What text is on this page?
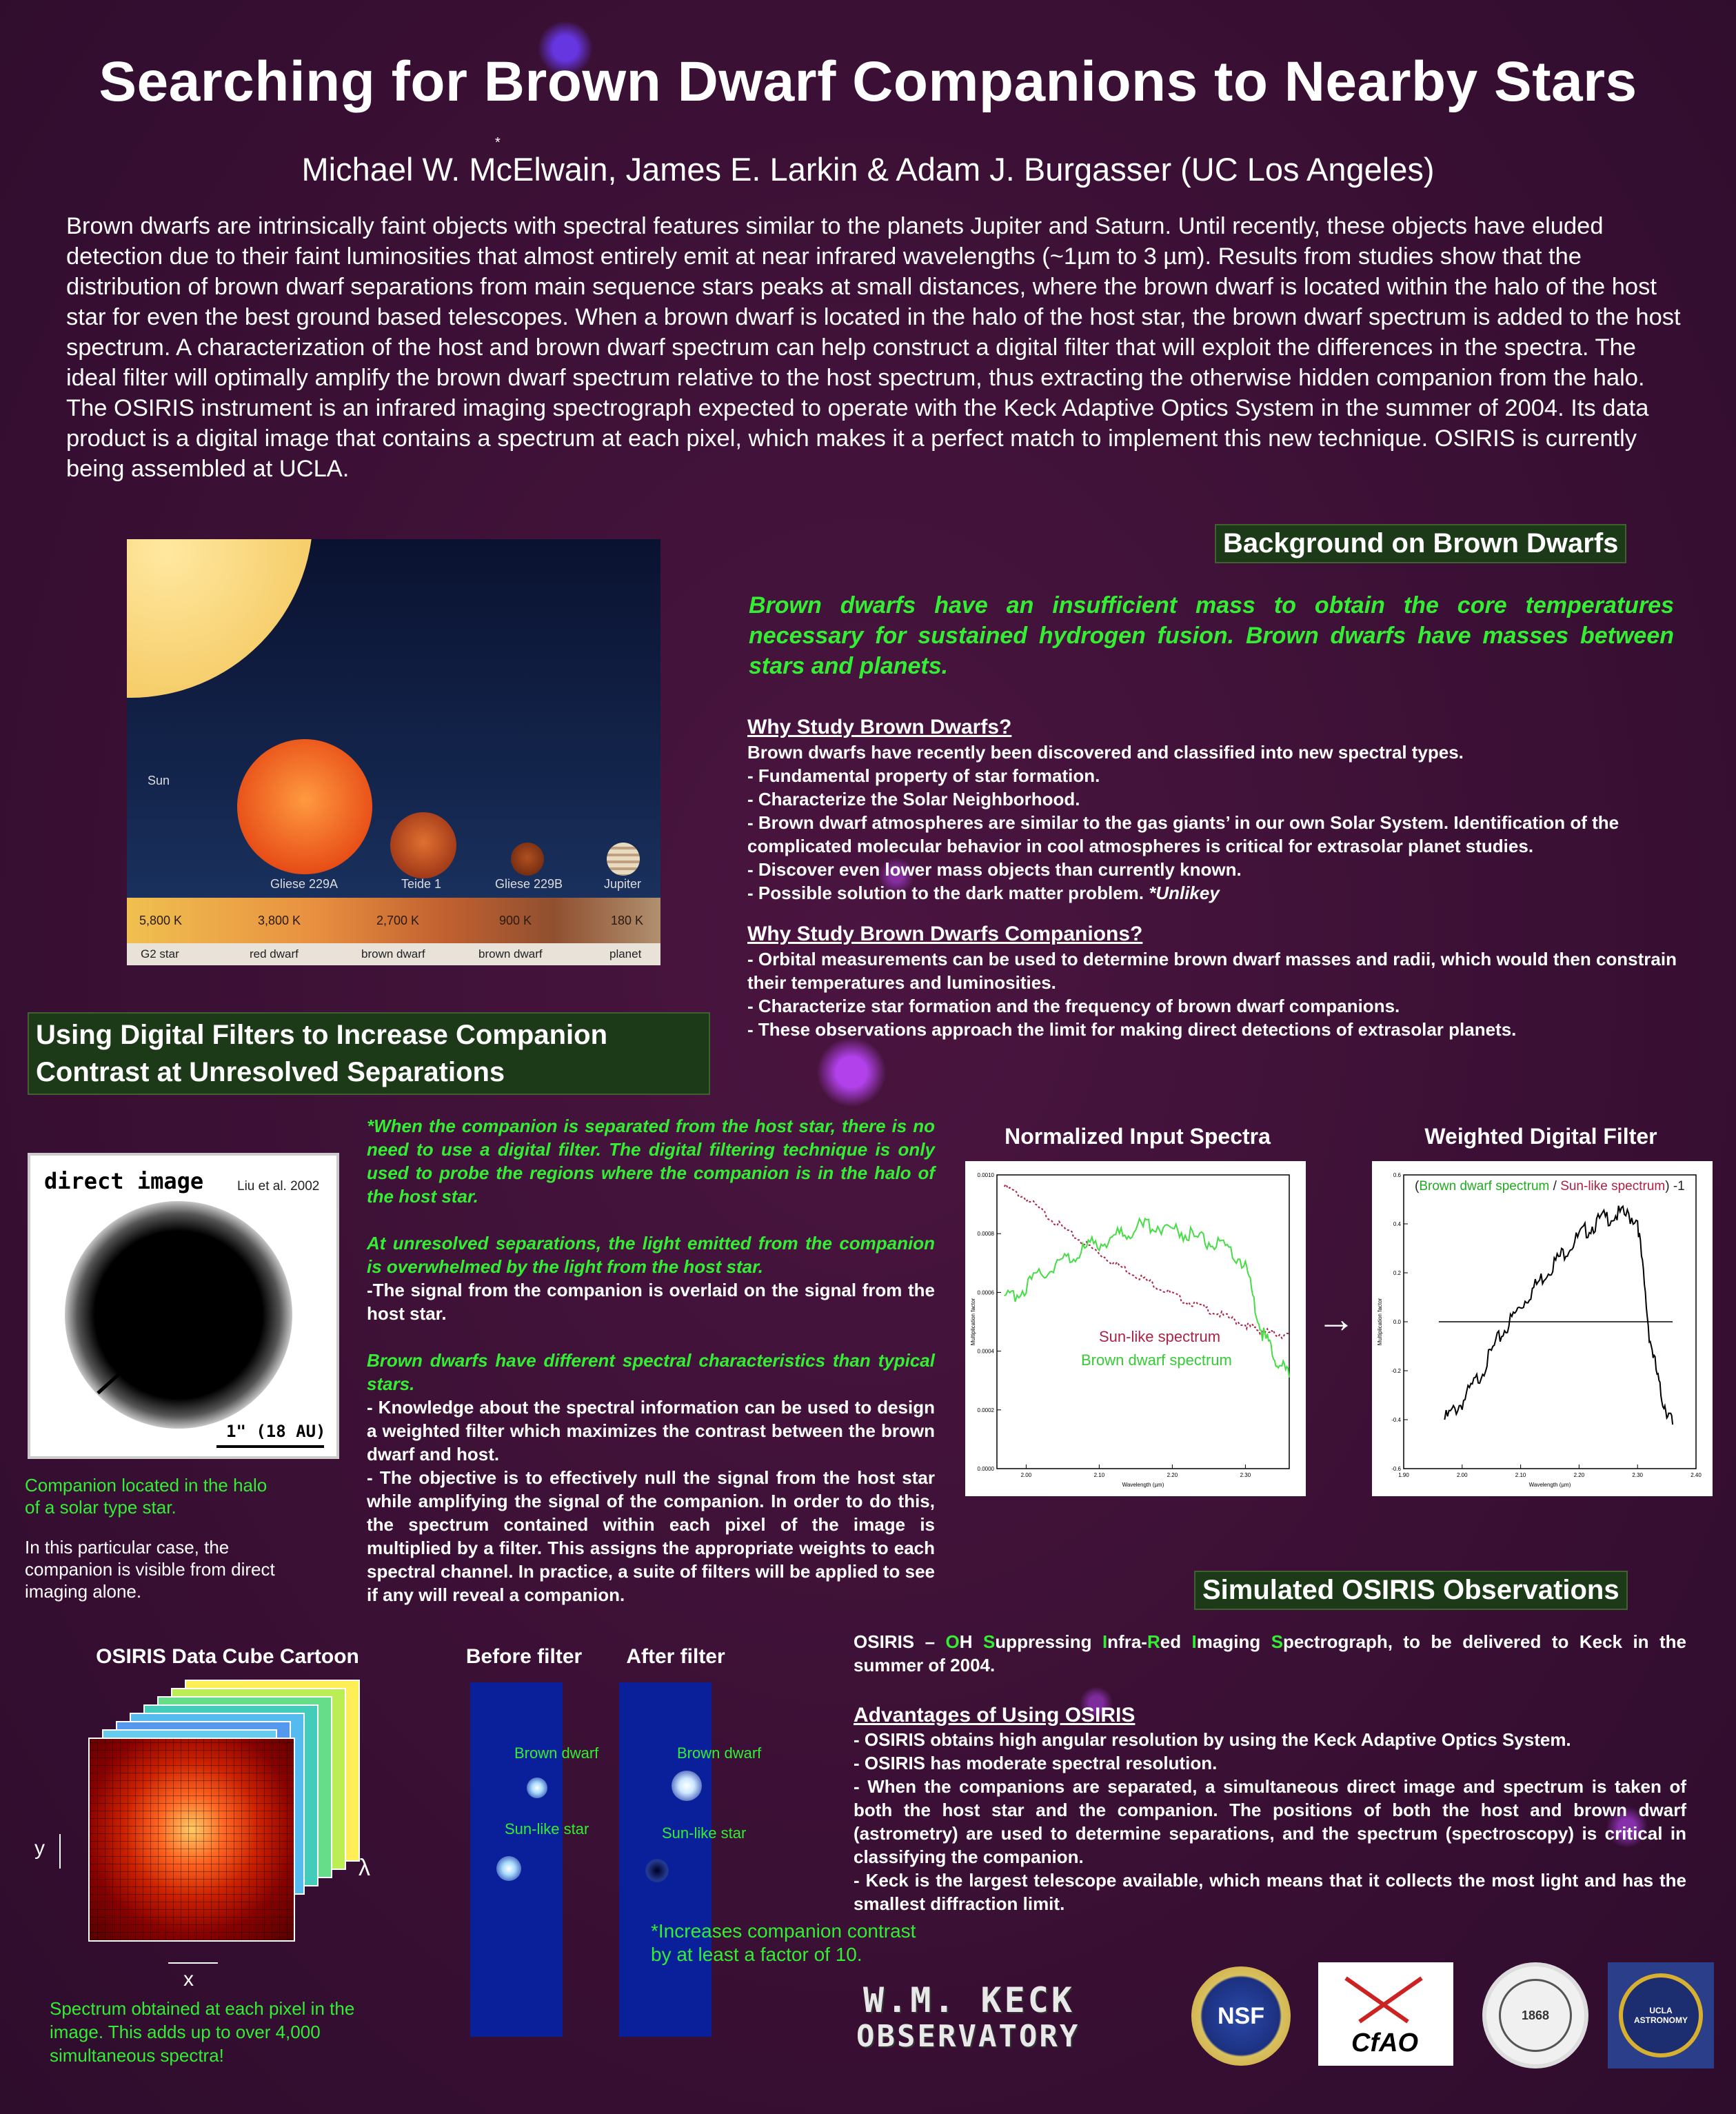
Searching for Brown Dwarf Companions to Nearby Stars
*
Michael W. McElwain, James E. Larkin & Adam J. Burgasser (UC Los Angeles)

Brown dwarfs are intrinsically faint objects with spectral features similar to the planets Jupiter and Saturn. Until recently, these objects have eluded detection due to their faint luminosities that almost entirely emit at near infrared wavelengths (~1µm to 3 µm). Results from studies show that the distribution of brown dwarf separations from main sequence stars peaks at small distances, where the brown dwarf is located within the halo of the host star for even the best ground based telescopes. When a brown dwarf is located in the halo of the host star, the brown dwarf spectrum is added to the host spectrum. A characterization of the host and brown dwarf spectrum can help construct a digital filter that will exploit the differences in the spectra. The ideal filter will optimally amplify the brown dwarf spectrum relative to the host spectrum, thus extracting the otherwise hidden companion from the halo.

The OSIRIS instrument is an infrared imaging spectrograph expected to operate with the Keck Adaptive Optics System in the summer of 2004. Its data product is a digital image that contains a spectrum at each pixel, which makes it a perfect match to implement this new technique. OSIRIS is currently being assembled at UCLA.

Sun
Gliese 229A	Teide 1	Gliese 229B	Jupiter
5,800 K	3,800 K	2,700 K	900 K	180 K
G2 star	red dwarf	brown dwarf	brown dwarf	planet
Background on Brown Dwarfs
Brown dwarfs have an insufficient mass to obtain the core temperatures necessary for sustained hydrogen fusion. Brown dwarfs have masses between stars and planets.
Why Study Brown Dwarfs?
Brown dwarfs have recently been discovered and classified into new spectral types.
- Fundamental property of star formation.
- Characterize the Solar Neighborhood.
- Brown dwarf atmospheres are similar to the gas giants’ in our own Solar System. Identification of the complicated molecular behavior in cool atmospheres is critical for extrasolar planet studies.
- Discover even lower mass objects than currently known.
- Possible solution to the dark matter problem. *Unlikey
Why Study Brown Dwarfs Companions?
- Orbital measurements can be used to determine brown dwarf masses and radii, which would then constrain their temperatures and luminosities.
- Characterize star formation and the frequency of brown dwarf companions.
- These observations approach the limit for making direct detections of extrasolar planets.
Using Digital Filters to Increase Companion Contrast at Unresolved Separations
direct image	Liu et al. 2002
1" (18 AU)
Companion located in the halo of a solar type star.
In this particular case, the companion is visible from direct imaging alone.
*When the companion is separated from the host star, there is no need to use a digital filter. The digital filtering technique is only used to probe the regions where the companion is in the halo of the host star.
At unresolved separations, the light emitted from the companion is overwhelmed by the light from the host star.
-The signal from the companion is overlaid on the signal from the host star.
Brown dwarfs have different spectral characteristics than typical stars.
- Knowledge about the spectral information can be used to design a weighted filter which maximizes the contrast between the brown dwarf and host.
- The objective is to effectively null the signal from the host star while amplifying the signal of the companion. In order to do this, the spectrum contained within each pixel of the image is multiplied by a filter. This assigns the appropriate weights to each spectral channel. In practice, a suite of filters will be applied to see if any will reveal a companion.
Normalized Input Spectra	Weighted Digital Filter
0.0010
0.0008
0.0006
0.0004
0.0002
0.0000
2.00	2.10	2.20	2.30
Wavelength (µm)
Multiplication factor	Sun-like spectrum
Brown dwarf spectrum
→
0.6
0.4
0.2
0.0
-0.2
-0.4
-0.6
1.90	2.00	2.10	2.20	2.30	2.40
Wavelength (µm)
Multiplication factor
(Brown dwarf spectrum / Sun-like spectrum) -1
Simulated OSIRIS Observations
OSIRIS Data Cube Cartoon
y
x
λ
Spectrum obtained at each pixel in the image. This adds up to over 4,000 simultaneous spectra!
Before filter	After filter
Brown dwarf
Sun-like star
Brown dwarf
Sun-like star
*Increases companion contrast by at least a factor of 10.
OSIRIS – OH Suppressing Infra-Red Imaging Spectrograph, to be delivered to Keck in the summer of 2004.
Advantages of Using OSIRIS
- OSIRIS obtains high angular resolution by using the Keck Adaptive Optics System.
- OSIRIS has moderate spectral resolution.
- When the companions are separated, a simultaneous direct image and spectrum is taken of both the host star and the companion. The positions of both the host and brown dwarf (astrometry) are used to determine separations, and the spectrum (spectroscopy) is critical in classifying the companion.
- Keck is the largest telescope available, which means that it collects the most light and has the smallest diffraction limit.
W.M. KECK
OBSERVATORY
NSF
CfAO
1868	UCLA ASTRONOMY
